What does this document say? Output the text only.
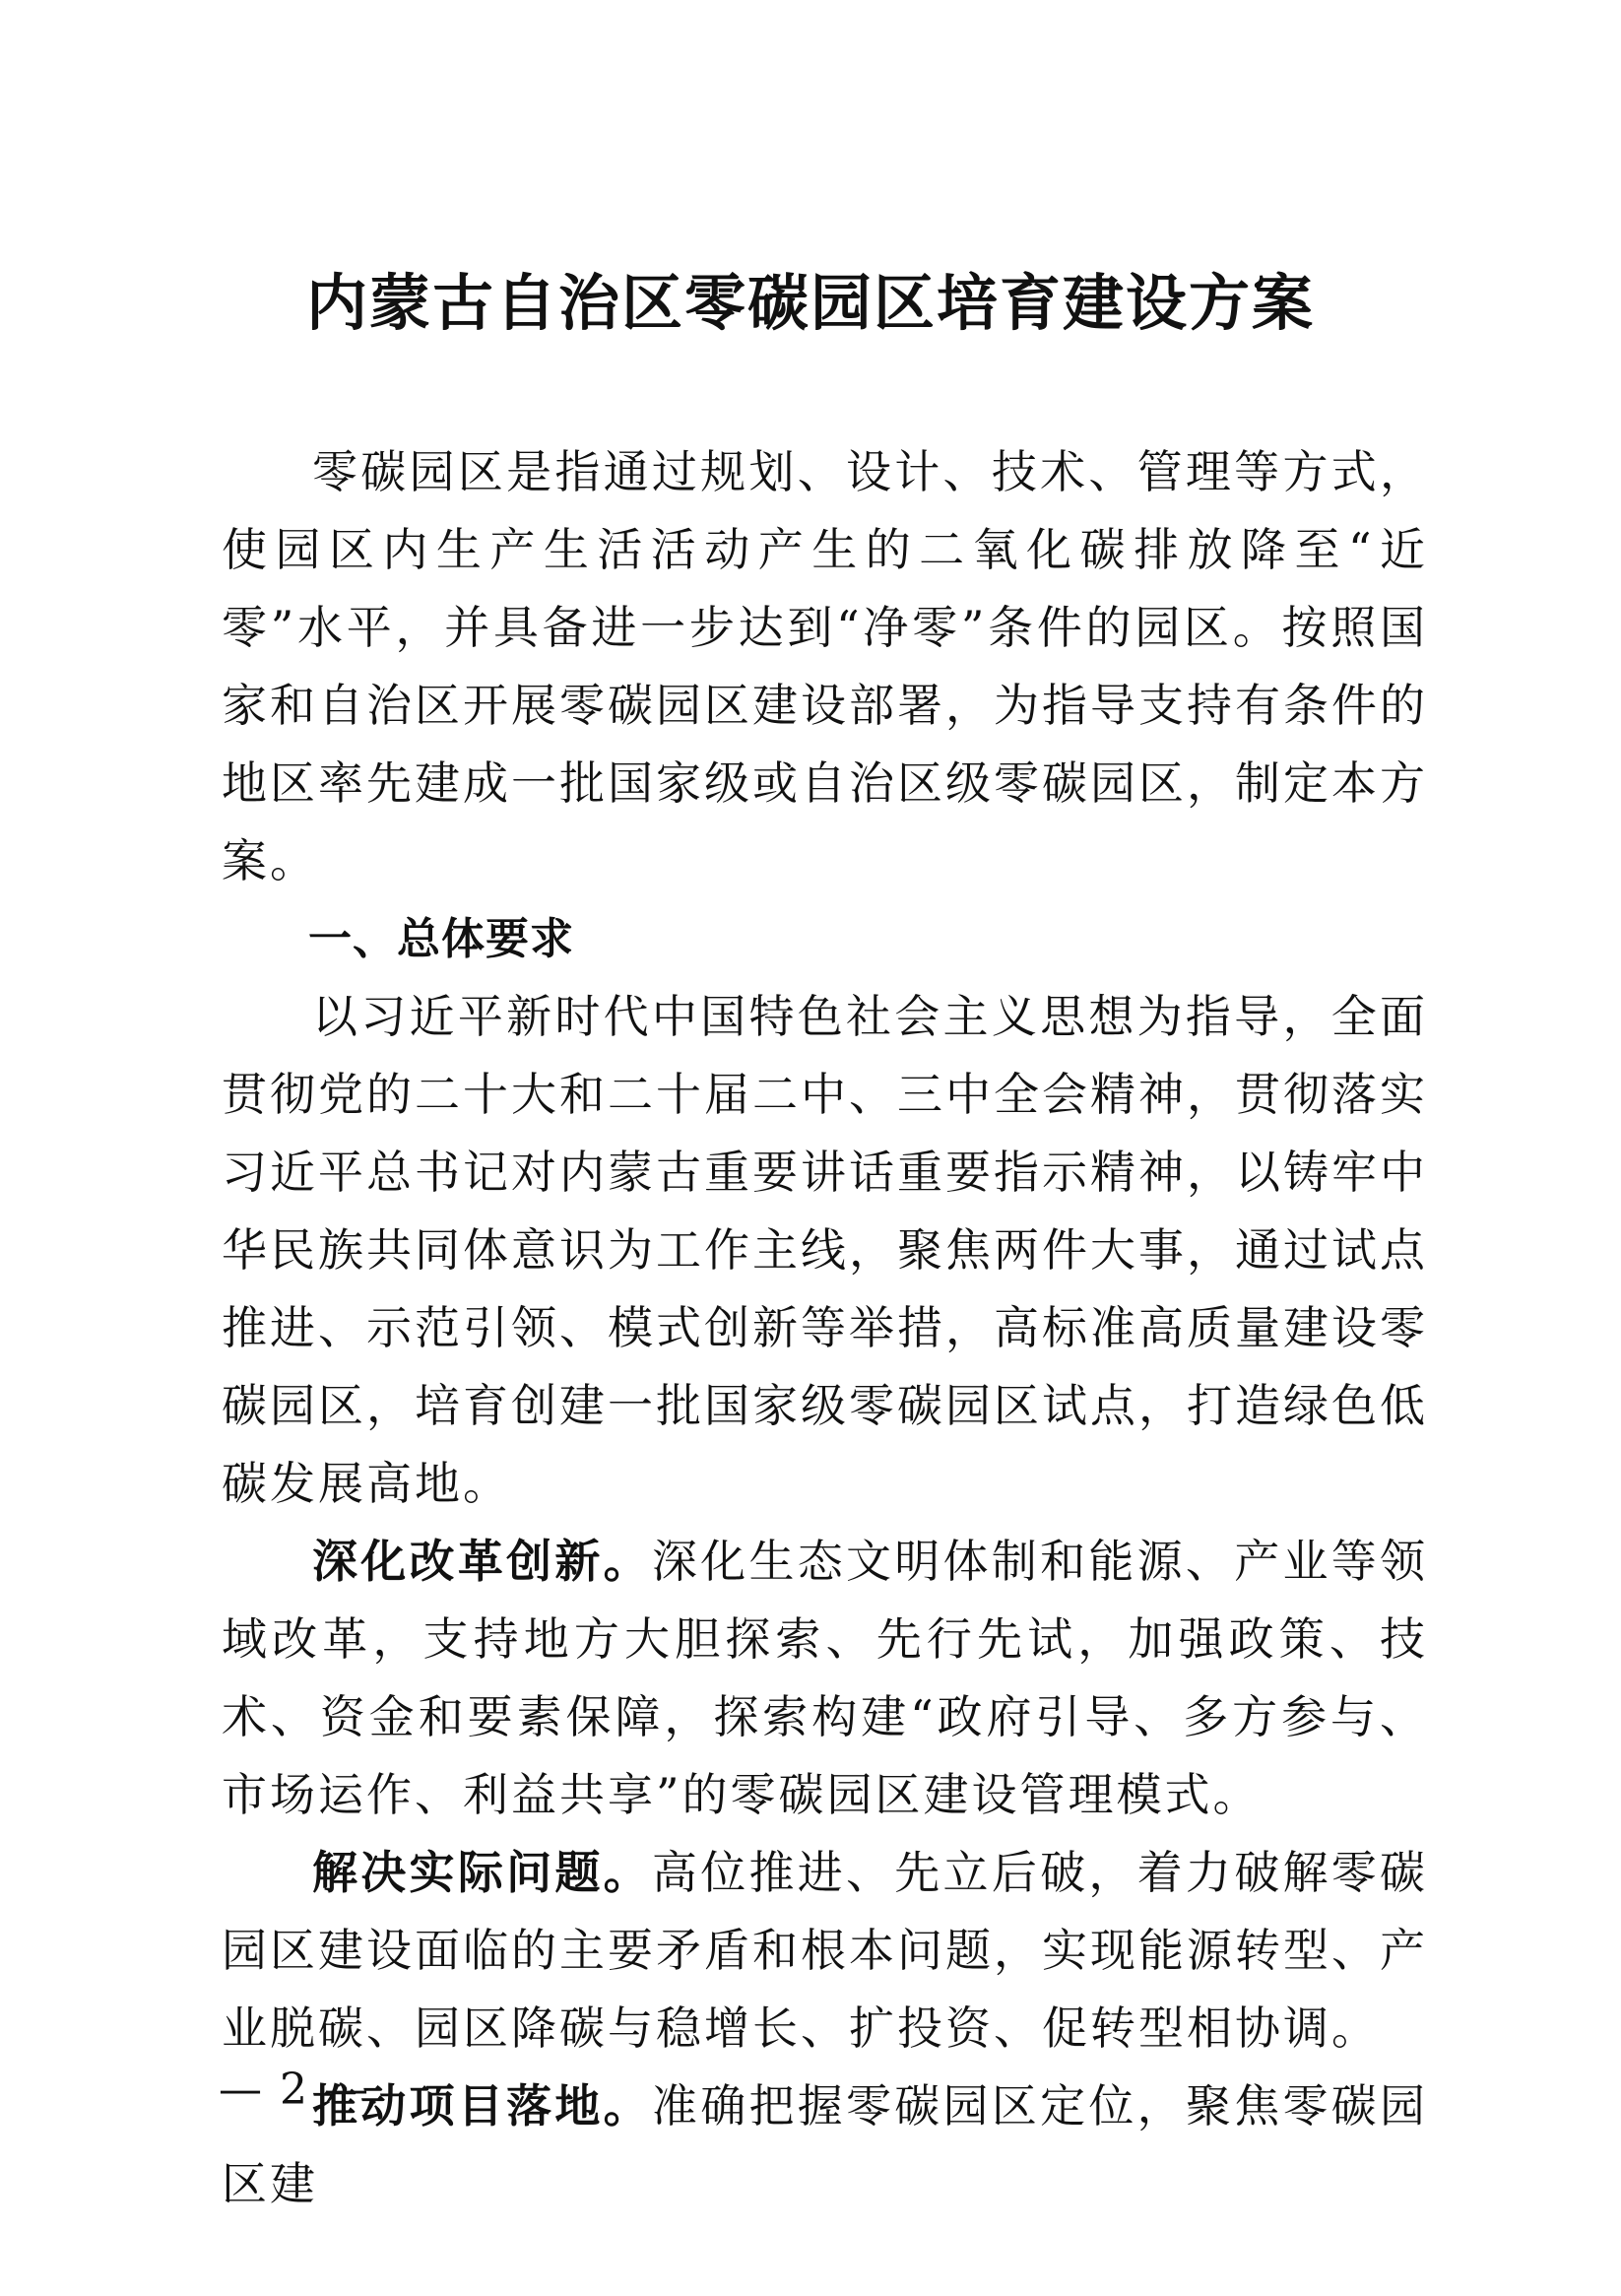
内蒙古自治区零碳园区培育建设方案

零碳园区是指通过规划、设计、技术、管理等方式，使园区内生产生活活动产生的二氧化碳排放降至“近零”水平，并具备进一步达到“净零”条件的园区。按照国家和自治区开展零碳园区建设部署，为指导支持有条件的地区率先建成一批国家级或自治区级零碳园区，制定本方案。

一、总体要求

以习近平新时代中国特色社会主义思想为指导，全面贯彻党的二十大和二十届二中、三中全会精神，贯彻落实习近平总书记对内蒙古重要讲话重要指示精神，以铸牢中华民族共同体意识为工作主线，聚焦两件大事，通过试点推进、示范引领、模式创新等举措，高标准高质量建设零碳园区，培育创建一批国家级零碳园区试点，打造绿色低碳发展高地。

深化改革创新。深化生态文明体制和能源、产业等领域改革，支持地方大胆探索、先行先试，加强政策、技术、资金和要素保障，探索构建“政府引导、多方参与、市场运作、利益共享”的零碳园区建设管理模式。

解决实际问题。高位推进、先立后破，着力破解零碳园区建设面临的主要矛盾和根本问题，实现能源转型、产业脱碳、园区降碳与稳增长、扩投资、促转型相协调。

推动项目落地。准确把握零碳园区定位，聚焦零碳园区建

— 2 —
